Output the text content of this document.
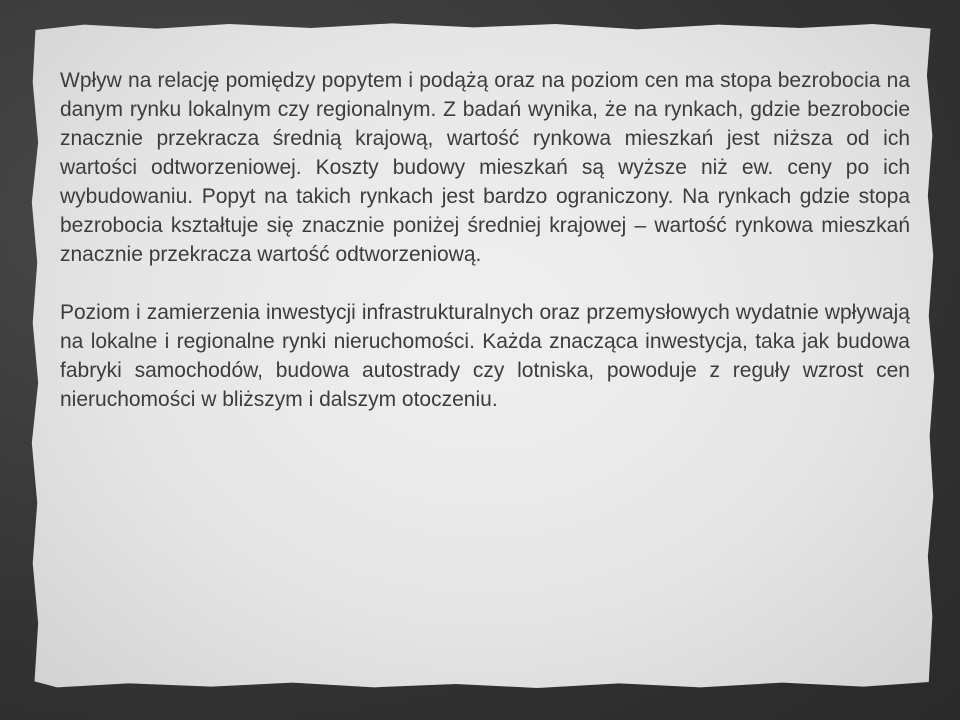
Wpływ na relację pomiędzy popytem i podążą oraz na poziom cen ma stopa bezrobocia na danym rynku lokalnym czy regionalnym. Z badań wynika, że na rynkach, gdzie bezrobocie znacznie przekracza średnią krajową, wartość rynkowa mieszkań jest niższa od ich wartości odtworzeniowej. Koszty budowy mieszkań są wyższe niż ew. ceny po ich wybudowaniu. Popyt na takich rynkach jest bardzo ograniczony. Na rynkach gdzie stopa bezrobocia kształtuje się znacznie poniżej średniej krajowej – wartość rynkowa mieszkań znacznie przekracza wartość odtworzeniową.

Poziom i zamierzenia inwestycji infrastrukturalnych oraz przemysłowych wydatnie wpływają na lokalne i regionalne rynki nieruchomości. Każda znacząca inwestycja, taka jak budowa fabryki samochodów, budowa autostrady czy lotniska, powoduje z reguły wzrost cen nieruchomości w bliższym i dalszym otoczeniu.
